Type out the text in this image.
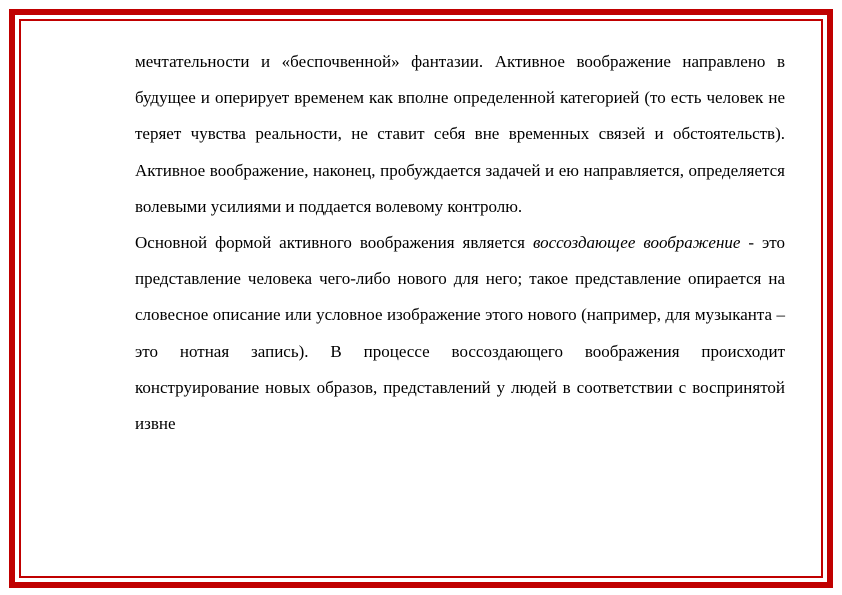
мечтательности и «беспочвенной» фантазии. Активное воображение направлено в будущее и оперирует временем как вполне определенной категорией (то есть человек не теряет чувства реальности, не ставит себя вне временных связей и обстоятельств). Активное воображение, наконец, пробуждается задачей и ею направляется, определяется волевыми усилиями и поддается волевому контролю.

Основной формой активного воображения является воссоздающее воображение - это представление человека чего-либо нового для него; такое представление опирается на словесное описание или условное изображение этого нового (например, для музыканта – это нотная запись). В процессе воссоздающего воображения происходит конструирование новых образов, представлений у людей в соответствии с воспринятой извне
